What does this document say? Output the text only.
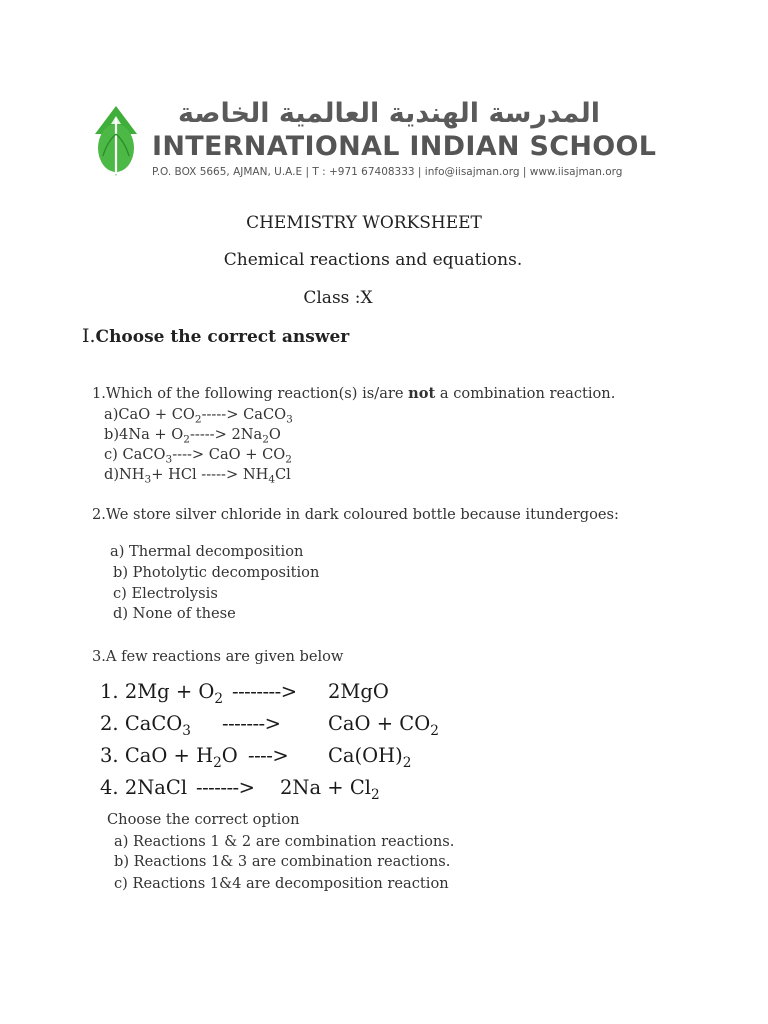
المدرسة الهندية العالمية الخاصة
INTERNATIONAL INDIAN SCHOOL
P.O. BOX 5665, AJMAN, U.A.E | T : +971 67408333 | info@iisajman.org | www.iisajman.org
CHEMISTRY WORKSHEET
Chemical reactions and equations.
Class :X
I.Choose the correct answer
1.Which of the following reaction(s) is/are not a combination reaction.
$a)CaO + CO_2----->$ CaCO$_3$
$b)4Na + O_2-----> 2Na_2O$
c) CaCO$_3$----> CaO + $CO_2$
$d)NH_3+$ HCl -----> $NH_4Cl$
2.We store silver chloride in dark coloured bottle because itundergoes:
a) Thermal decomposition
b) Photolytic decomposition
c) Electrolysis
d) None of these
3.A few reactions are given below
1. $2Mg + O_2$ --------> 2MgO
2. CaCO$_3$ -------> CaO + $CO_2$
3. CaO + $H_2O$ ----> $Ca(OH)_2$
4. 2NaCl -------> $2Na + Cl_2$
Choose the correct option
a) Reactions 1 & 2 are combination reactions.
b) Reactions 1& 3 are combination reactions.
c) Reactions 1&4 are decomposition reaction
